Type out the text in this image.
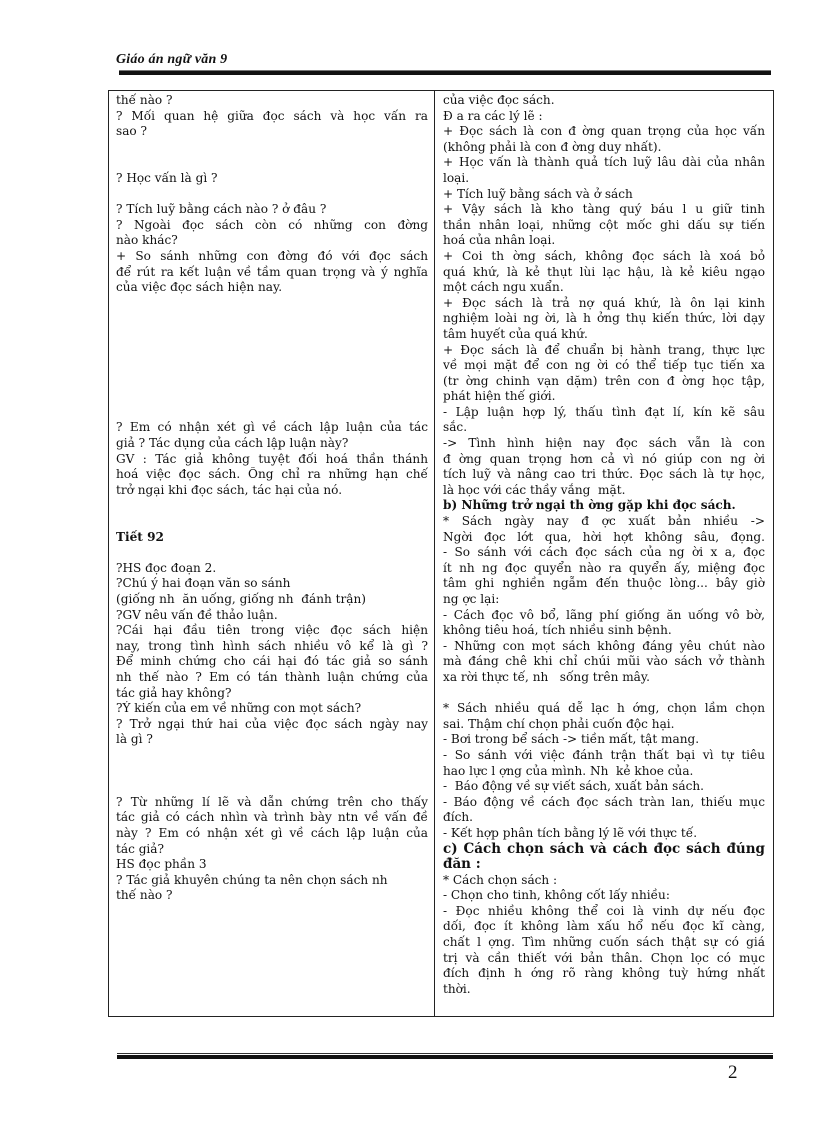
Giáo án ngữ văn 9
thế nào ?
? Mối quan hệ giữa đọc sách và học vấn ra
sao ?
? Học vấn là gì ?
? Tích luỹ bằng cách nào ? ở đâu ?
? Ngoài đọc sách còn có những con đờng
nào khác?
+ So sánh những con đờng đó với đọc sách
để rút ra kết luận về tầm quan trọng và ý nghĩa
của việc đọc sách hiện nay.
? Em có nhận xét gì về cách lập luận của tác
giả ? Tác dụng của cách lập luận này?
GV : Tác giả không tuyệt đối hoá thần thánh
hoá việc đọc sách. Ông chỉ ra những hạn chế
trở ngại khi đọc sách, tác hại của nó.
Tiết 92
?HS đọc đoạn 2.
?Chú ý hai đoạn văn so sánh
(giống nh  ăn uống, giống nh  đánh trận)
?GV nêu vấn đề thảo luận.
?Cái hại đầu tiên trong việc đọc sách hiện
nay, trong tình hình sách nhiều vô kể là gì ?
Để minh chứng cho cái hại đó tác giả so sánh
nh thế nào ? Em có tán thành luận chứng của
tác giả hay không?
?Ý kiến của em về những con mọt sách?
? Trở ngại thứ hai của việc đọc sách ngày nay
là gì ?
? Từ những lí lẽ và dẫn chứng trên cho thấy
tác giả có cách nhìn và trình bày ntn về vấn đề
này ? Em có nhận xét gì về cách lập luận của
tác giả?
HS đọc phần 3
? Tác giả khuyên chúng ta nên chọn sách nh
thế nào ?
của việc đọc sách.
Đ a ra các lý lẽ :
+ Đọc sách là con đ ờng quan trọng của học vấn
(không phải là con đ ờng duy nhất).
+ Học vấn là thành quả tích luỹ lâu dài của nhân
loại.
+ Tích luỹ bằng sách và ở sách
+ Vậy sách là kho tàng quý báu l u giữ tinh
thần nhân loại, những cột mốc ghi dấu sự tiến
hoá của nhân loại.
+ Coi th ờng sách, không đọc sách là xoá bỏ
quá khứ, là kẻ thụt lùi lạc hậu, là kẻ kiêu ngạo
một cách ngu xuẩn.
+ Đọc sách là trả nợ quá khứ, là ôn lại kinh
nghiệm loài ng ời, là h ởng thụ kiến thức, lời dạy
tâm huyết của quá khứ.
+ Đọc sách là để chuẩn bị hành trang, thực lực
về mọi mặt để con ng ời có thể tiếp tục tiến xa
(tr ờng chinh vạn dặm) trên con đ ờng học tập,
phát hiện thế giới.
- Lập luận hợp lý, thấu tình đạt lí, kín kẽ sâu
sắc.
-> Tình hình hiện nay đọc sách vẫn là con
đ ờng quan trọng hơn cả vì nó giúp con ng ời
tích luỹ và nâng cao tri thức. Đọc sách là tự học,
là học với các thầy vắng  mặt.
b) Những trở ngại th ờng gặp khi đọc sách.
* Sách ngày nay đ ợc xuất bản nhiều ->
Ngời đọc lớt qua, hời hợt không sâu, đọng.
- So sánh với cách đọc sách của ng ời x a, đọc
ít nh ng đọc quyển nào ra quyển ấy, miệng đọc
tâm ghi nghiền ngẫm đến thuộc lòng... bây giờ
ng ợc lại:
- Cách đọc vô bổ, lãng phí giống ăn uống vô bờ,
không tiêu hoá, tích nhiều sinh bệnh.
- Những con mọt sách không đáng yêu chút nào
mà đáng chê khi chỉ chúi mũi vào sách vở thành
xa rời thực tế, nh   sống trên mây.
* Sách nhiều quá dễ lạc h ớng, chọn lầm chọn
sai. Thậm chí chọn phải cuốn độc hại.
- Bơi trong bể sách -> tiền mất, tật mang.
- So sánh với việc đánh trận thất bại vì tự tiêu
hao lực l ợng của mình. Nh  kẻ khoe của.
-  Báo động về sự viết sách, xuất bản sách.
- Báo động về cách đọc sách tràn lan, thiếu mục
đích.
- Kết hợp phân tích bằng lý lẽ với thực tế.
c) Cách chọn sách và cách đọc sách đúng
đắn :
* Cách chọn sách :
- Chọn cho tinh, không cốt lấy nhiều:
- Đọc nhiều không thể coi là vinh dự nếu đọc
dối, đọc ít không làm xấu hổ nếu đọc kĩ càng,
chất l ợng. Tìm những cuốn sách thật sự có giá
trị và cần thiết với bản thân. Chọn lọc có mục
đích định h ớng rõ ràng không tuỳ hứng nhất
thời.
2
